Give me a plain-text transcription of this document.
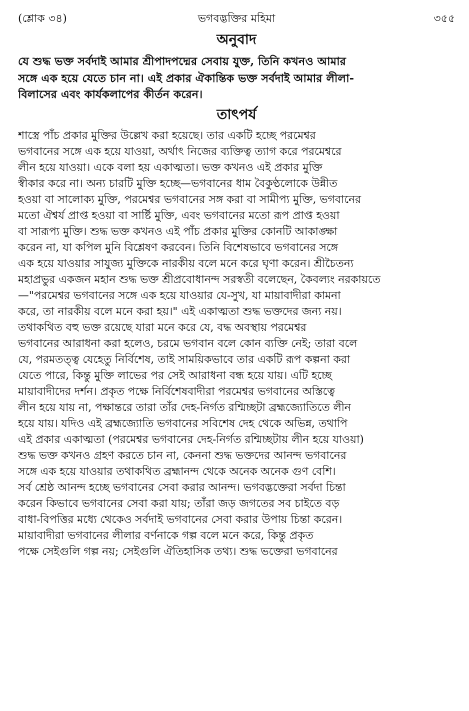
(শ্লোক ৩৪)	ভগবদ্ভক্তির মহিমা	৩৫৫
অনুবাদ
যে শুদ্ধ ভক্ত সর্বদাই আমার শ্রীপাদপদ্মের সেবায় যুক্ত, তিনি কখনও আমার
সঙ্গে এক হয়ে যেতে চান না। এই প্রকার ঐকান্তিক ভক্ত সর্বদাই আমার লীলা-
বিলাসের এবং কার্যকলাপের কীর্তন করেন।
তাৎপর্য
শাস্ত্রে পাঁচ প্রকার মুক্তির উল্লেখ করা হয়েছে। তার একটি হচ্ছে পরমেশ্বর
ভগবানের সঙ্গে এক হয়ে যাওয়া, অর্থাৎ নিজের ব্যক্তিত্ব ত্যাগ করে পরমেশ্বরে
লীন হয়ে যাওয়া। একে বলা হয় একাত্মতা। ভক্ত কখনও এই প্রকার মুক্তি
স্বীকার করে না। অন্য চারটি মুক্তি হচ্ছে—ভগবানের ধাম বৈকুণ্ঠলোকে উন্নীত
হওয়া বা সালোক্য মুক্তি, পরমেশ্বর ভগবানের সঙ্গ করা বা সামীপ্য মুক্তি, ভগবানের
মতো ঐশ্বর্য প্রাপ্ত হওয়া বা সার্ষ্টি মুক্তি, এবং ভগবানের মতো রূপ প্রাপ্ত হওয়া
বা সারূপ্য মুক্তি। শুদ্ধ ভক্ত কখনও এই পাঁচ প্রকার মুক্তির কোনটি আকাঙ্ক্ষা
করেন না, যা কপিল মুনি বিশ্লেষণ করবেন। তিনি বিশেষভাবে ভগবানের সঙ্গে
এক হয়ে যাওয়ার সাযুজ্য মুক্তিকে নারকীয় বলে মনে করে ঘৃণা করেন। শ্রীচৈতন্য
মহাপ্রভুর একজন মহান শুদ্ধ ভক্ত শ্রীপ্রবোধানন্দ সরস্বতী বলেছেন, কৈবল্যং নরকায়তে
—"পরমেশ্বর ভগবানের সঙ্গে এক হয়ে যাওয়ার যে-সুখ, যা মায়াবাদীরা কামনা
করে, তা নারকীয় বলে মনে করা হয়।" এই একাত্মতা শুদ্ধ ভক্তদের জন্য নয়।
তথাকথিত বহু ভক্ত রয়েছে যারা মনে করে যে, বদ্ধ অবস্থায় পরমেশ্বর
ভগবানের আরাধনা করা হলেও, চরমে ভগবান বলে কোন ব্যক্তি নেই; তারা বলে
যে, পরমতত্ত্ব যেহেতু নির্বিশেষ, তাই সাময়িকভাবে তার একটি রূপ কল্পনা করা
যেতে পারে, কিন্তু মুক্তি লাভের পর সেই আরাধনা বন্ধ হয়ে যায়। এটি হচ্ছে
মায়াবাদীদের দর্শন। প্রকৃত পক্ষে নির্বিশেষবাদীরা পরমেশ্বর ভগবানের অস্তিত্বে
লীন হয়ে যায় না, পক্ষান্তরে তারা তাঁর দেহ-নির্গত রশ্মিচ্ছটা ব্রহ্মজ্যোতিতে লীন
হয়ে যায়। যদিও এই ব্রহ্মজ্যোতি ভগবানের সবিশেষ দেহ থেকে অভিন্ন, তথাপি
এই প্রকার একাত্মতা (পরমেশ্বর ভগবানের দেহ-নির্গত রশ্মিচ্ছটায় লীন হয়ে যাওয়া)
শুদ্ধ ভক্ত কখনও গ্রহণ করতে চান না, কেননা শুদ্ধ ভক্তদের আনন্দ ভগবানের
সঙ্গে এক হয়ে যাওয়ার তথাকথিত ব্রহ্মানন্দ থেকে অনেক অনেক গুণ বেশি।
সর্ব শ্রেষ্ঠ আনন্দ হচ্ছে ভগবানের সেবা করার আনন্দ। ভগবদ্ভক্তেরা সর্বদা চিন্তা
করেন কিভাবে ভগবানের সেবা করা যায়; তাঁরা জড় জগতের সব চাইতে বড়
বাধা-বিপত্তির মধ্যে থেকেও সর্বদাই ভগবানের সেবা করার উপায় চিন্তা করেন।
মায়াবাদীরা ভগবানের লীলার বর্ণনাকে গল্প বলে মনে করে, কিন্তু প্রকৃত
পক্ষে সেইগুলি গল্প নয়; সেইগুলি ঐতিহাসিক তথ্য। শুদ্ধ ভক্তেরা ভগবানের
